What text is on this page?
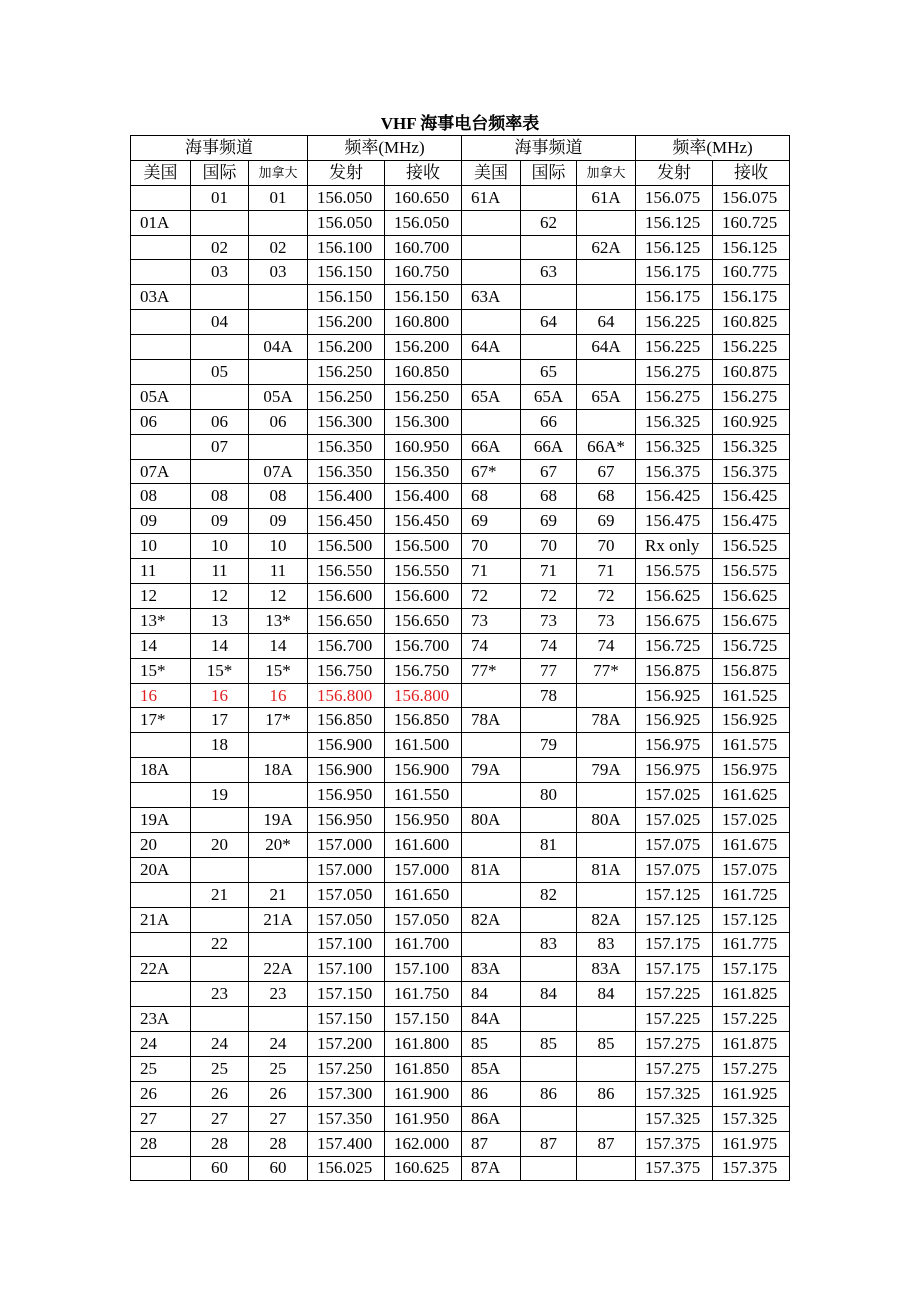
VHF 海事电台频率表
海事频道			频率(MHz)		海事频道			频率(MHz)	
美国	国际	加拿大	发射	接收	美国	国际	加拿大	发射	接收
	01	01	156.050	160.650	61A		61A	156.075	156.075
01A			156.050	156.050		62		156.125	160.725
	02	02	156.100	160.700			62A	156.125	156.125
	03	03	156.150	160.750		63		156.175	160.775
03A			156.150	156.150	63A			156.175	156.175
	04		156.200	160.800		64	64	156.225	160.825
		04A	156.200	156.200	64A		64A	156.225	156.225
	05		156.250	160.850		65		156.275	160.875
05A		05A	156.250	156.250	65A	65A	65A	156.275	156.275
06	06	06	156.300	156.300		66		156.325	160.925
	07		156.350	160.950	66A	66A	66A*	156.325	156.325
07A		07A	156.350	156.350	67*	67	67	156.375	156.375
08	08	08	156.400	156.400	68	68	68	156.425	156.425
09	09	09	156.450	156.450	69	69	69	156.475	156.475
10	10	10	156.500	156.500	70	70	70	Rx only	156.525
11	11	11	156.550	156.550	71	71	71	156.575	156.575
12	12	12	156.600	156.600	72	72	72	156.625	156.625
13*	13	13*	156.650	156.650	73	73	73	156.675	156.675
14	14	14	156.700	156.700	74	74	74	156.725	156.725
15*	15*	15*	156.750	156.750	77*	77	77*	156.875	156.875
16	16	16	156.800	156.800		78		156.925	161.525
17*	17	17*	156.850	156.850	78A		78A	156.925	156.925
	18		156.900	161.500		79		156.975	161.575
18A		18A	156.900	156.900	79A		79A	156.975	156.975
	19		156.950	161.550		80		157.025	161.625
19A		19A	156.950	156.950	80A		80A	157.025	157.025
20	20	20*	157.000	161.600		81		157.075	161.675
20A			157.000	157.000	81A		81A	157.075	157.075
	21	21	157.050	161.650		82		157.125	161.725
21A		21A	157.050	157.050	82A		82A	157.125	157.125
	22		157.100	161.700		83	83	157.175	161.775
22A		22A	157.100	157.100	83A		83A	157.175	157.175
	23	23	157.150	161.750	84	84	84	157.225	161.825
23A			157.150	157.150	84A			157.225	157.225
24	24	24	157.200	161.800	85	85	85	157.275	161.875
25	25	25	157.250	161.850	85A			157.275	157.275
26	26	26	157.300	161.900	86	86	86	157.325	161.925
27	27	27	157.350	161.950	86A			157.325	157.325
28	28	28	157.400	162.000	87	87	87	157.375	161.975
	60	60	156.025	160.625	87A			157.375	157.375
